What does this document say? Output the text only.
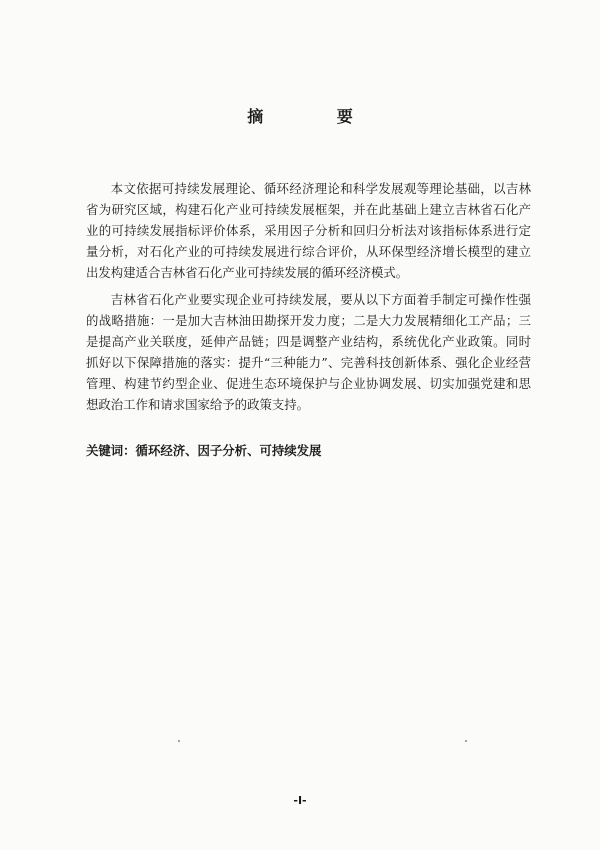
摘 要

本文依据可持续发展理论、循环经济理论和科学发展观等理论基础，以吉林省为研究区域，构建石化产业可持续发展框架，并在此基础上建立吉林省石化产业的可持续发展指标评价体系，采用因子分析和回归分析法对该指标体系进行定量分析，对石化产业的可持续发展进行综合评价，从环保型经济增长模型的建立出发构建适合吉林省石化产业可持续发展的循环经济模式。

吉林省石化产业要实现企业可持续发展，要从以下方面着手制定可操作性强的战略措施：一是加大吉林油田勘探开发力度；二是大力发展精细化工产品；三是提高产业关联度，延伸产品链；四是调整产业结构，系统优化产业政策。同时抓好以下保障措施的落实：提升“三种能力”、完善科技创新体系、强化企业经营管理、构建节约型企业、促进生态环境保护与企业协调发展、切实加强党建和思想政治工作和请求国家给予的政策支持。

关键词：循环经济、因子分析、可持续发展
-I-
